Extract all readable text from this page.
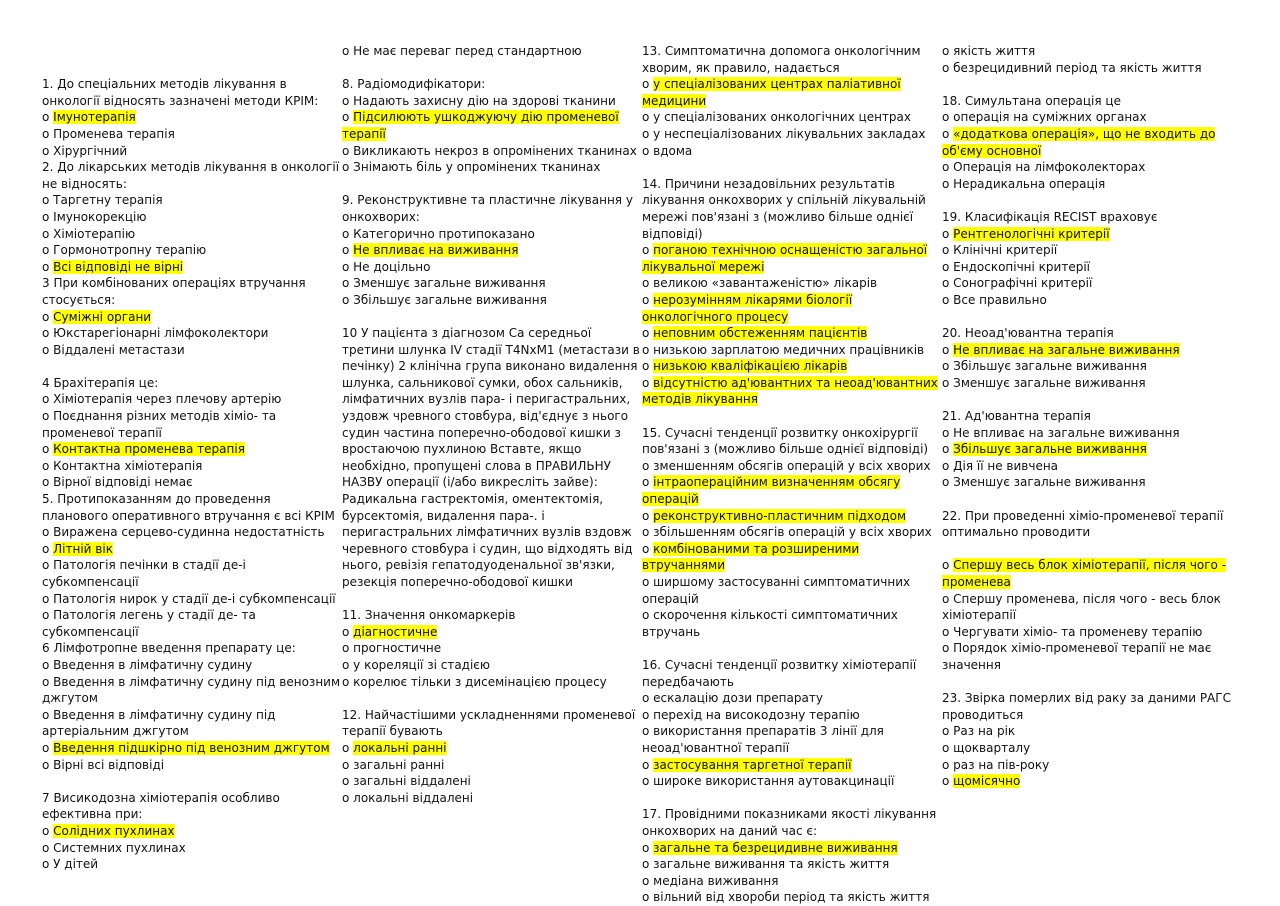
1. До спеціальних методів лікування в онкології відносять зазначені методи КРІМ:
o Імунотерапія
o Променева терапія
o Хірургічний
2. До лікарських методів лікування в онкології не відносять:
o Таргетну терапія
o Імунокорекцію
o Хіміотерапію
o Гормонотропну терапію
o Всі відповіді не вірні
3 При комбінованих операціях втручання стосується:
o Суміжні органи
o Юкстарегіонарні лімфоколектори
o Віддалені метастази
4 Брахітерапія це:
o Хіміотерапія через плечову артерію
o Поєднання різних методів хіміо- та променевої терапії
o Контактна променева терапія
o Контактна хіміотерапія
o Вірної відповіді немає
5. Протипоказанням до проведення планового оперативного втручання є всі КРІМ
o Виражена серцево-судинна недостатність
o Літній вік
o Патологія печінки в стадії де-і субкомпенсації
o Патологія нирок у стадії де-і субкомпенсації
o Патологія легень у стадії де- та субкомпенсації
6 Лімфотропне введення препарату це:
o Введення в лімфатичну судину
o Введення в лімфатичну судину під венозним джгутом
o Введення в лімфатичну судину під артеріальним джгутом
o Введення підшкірно під венозним джгутом
o Вірні всі відповіді
7 Висикодозна хіміотерапія особливо ефективна при:
o Солідних пухлинах
o Системних пухлинах
o У дітей
o Не має переваг перед стандартною
8. Радіомодифікатори:
o Надають захисну дію на здорові тканини
o Підсилюють ушкоджуючу дію променевої терапії
o Викликають некроз в опромінених тканинах
o Знімають біль у опромінених тканинах
9. Реконструктивне та пластичне лікування у онкохворих:
o Категорично протипоказано
o Не впливає на виживання
o Не доцільно
o Зменшує загальне виживання
o Збільшує загальне виживання
10 У пацієнта з діагнозом Ca середньої третини шлунка IV стадії T4NxM1 (метастази в печінку) 2 клінічна група виконано видалення шлунка, сальникової сумки, обох сальників, лімфатичних вузлів пара- і перигастральних, уздовж чревного стовбура, від'єднує з нього судин частина поперечно-ободової кишки з вростаючою пухлиною Вставте, якщо необхідно, пропущені слова в ПРАВИЛЬНУ НАЗВУ операції (і/або викресліть зайве):
Радикальна гастректомія, оментектомія, бурсектомія, видалення пара-. і перигастральних лімфатичних вузлів вздовж черевного стовбура і судин, що відходять від нього, ревізія гепатодуоденальної зв'язки, резекція поперечно-ободової кишки
11. Значення онкомаркерів
o діагностичне
o прогностичне
o у кореляції зі стадією
o корелює тільки з дисемінацією процесу
12. Найчастішими ускладненнями променевої терапії бувають
o локальні ранні
o загальні ранні
o загальні віддалені
o локальні віддалені
13. Симптоматична допомога онкологічним хворим, як правило, надається
o у спеціалізованих центрах паліативної медицини
o у спеціалізованих онкологічних центрах
o у неспеціалізованих лікувальних закладах
o вдома
14. Причини незадовільних результатів лікування онкохворих у спільній лікувальній мережі пов'язані з (можливо більше однієї відповіді)
o поганою технічною оснащеністю загальної лікувальної мережі
o великою «завантаженістю» лікарів
o нерозумінням лікарями біології онкологічного процесу
o неповним обстеженням пацієнтів
o низькою зарплатою медичних працівників
o низькою кваліфікацією лікарів
o відсутністю ад'ювантних та неоад'ювантних методів лікування
15. Сучасні тенденції розвитку онкохірургії пов'язані з (можливо більше однієї відповіді)
o зменшенням обсягів операцій у всіх хворих
o інтраопераційним визначенням обсягу операцій
o реконструктивно-пластичним підходом
o збільшенням обсягів операцій у всіх хворих
o комбінованими та розширеними втручаннями
o ширшому застосуванні симптоматичних операцій
o скорочення кількості симптоматичних втручань
16. Сучасні тенденції розвитку хіміотерапії передбачають
o ескалацію дози препарату
o перехід на високодозну терапію
o використання препаратів 3 лінії для неоад'ювантної терапії
o застосування таргетної терапії
o широке використання аутовакцинації
17. Провідними показниками якості лікування онкохворих на даний час є:
o загальне та безрецидивне виживання
o загальне виживання та якість життя
o медіана виживання
o вільний від хвороби період та якість життя
o якість життя
o безрецидивний період та якість життя
18. Симультана операція це
o операція на суміжних органах
o «додаткова операція», що не входить до об'єму основної
o Операція на лімфоколекторах
o Нерадикальна операція
19. Класифікація RECIST враховує
o Рентгенологічні критерії
o Клінічні критерії
o Ендоскопічні критерії
o Сонографічні критерії
o Все правильно
20. Неоад'ювантна терапія
o Не впливає на загальне виживання
o Збільшує загальне виживання
o Зменшує загальне виживання
21. Ад'ювантна терапія
o Не впливає на загальне виживання
o Збільшує загальне виживання
o Дія її не вивчена
o Зменшує загальне виживання
22. При проведенні хіміо-променевої терапії оптимально проводити
o Спершу весь блок хіміотерапії, після чого - променева
o Спершу променева, після чого - весь блок хіміотерапії
o Чергувати хіміо- та променеву терапію
o Порядок хіміо-променевої терапії не має значення
23. Звірка померлих від раку за даними РАГС проводиться
o Раз на рік
o щокварталу
o раз на пів-року
o щомісячно
